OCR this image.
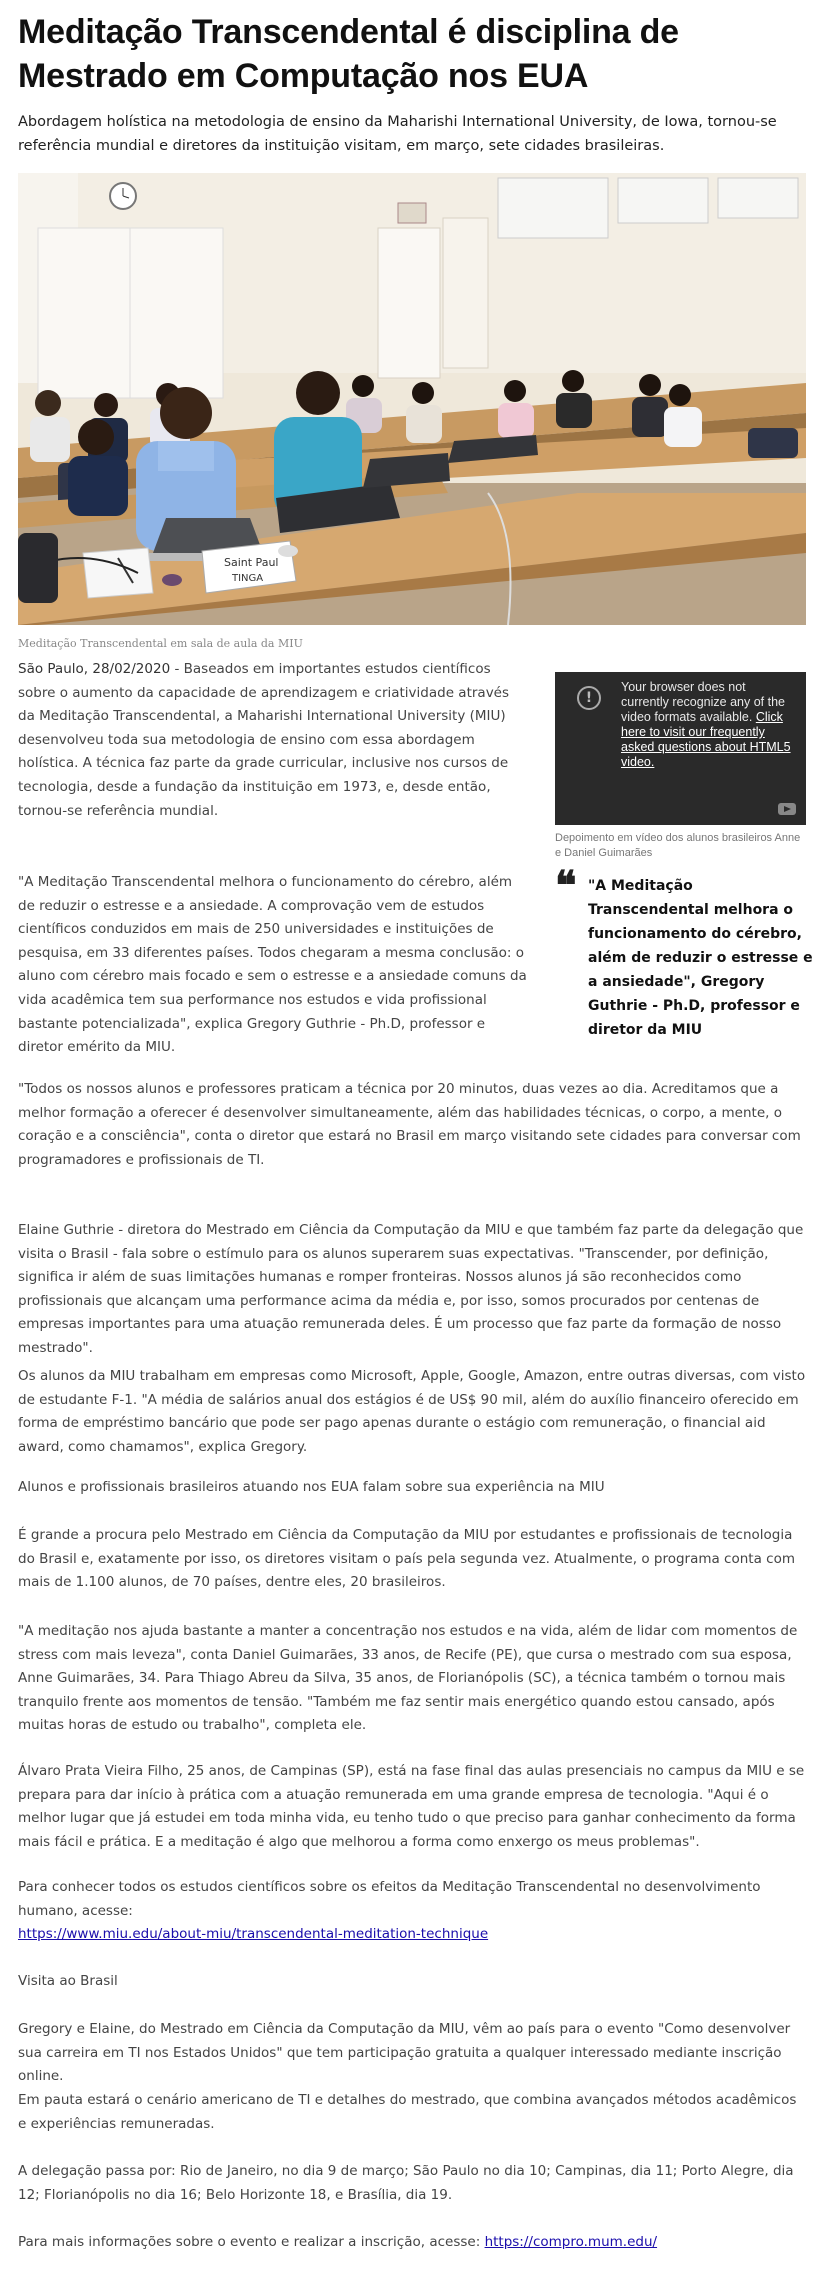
Meditação Transcendental é disciplina de Mestrado em Computação nos EUA

Abordagem holística na metodologia de ensino da Maharishi International University, de Iowa, tornou-se referência mundial e diretores da instituição visitam, em março, sete cidades brasileiras.

Saint Paul
TINGA
Meditação Transcendental em sala de aula da MIU

São Paulo, 28/02/2020 - Baseados em importantes estudos científicos sobre o aumento da capacidade de aprendizagem e criatividade através da Meditação Transcendental, a Maharishi International University (MIU) desenvolveu toda sua metodologia de ensino com essa abordagem holística. A técnica faz parte da grade curricular, inclusive nos cursos de tecnologia, desde a fundação da instituição em 1973, e, desde então, tornou-se referência mundial.

!
Your browser does not currently recognize any of the video formats available. Click here to visit our frequently asked questions about HTML5 video.
Depoimento em vídeo dos alunos brasileiros Anne e Daniel Guimarães

"A Meditação Transcendental melhora o funcionamento do cérebro, além de reduzir o estresse e a ansiedade. A comprovação vem de estudos científicos conduzidos em mais de 250 universidades e instituições de pesquisa, em 33 diferentes países. Todos chegaram a mesma conclusão: o aluno com cérebro mais focado e sem o estresse e a ansiedade comuns da vida acadêmica tem sua performance nos estudos e vida profissional bastante potencializada", explica Gregory Guthrie - Ph.D, professor e diretor emérito da MIU.

❝ "A Meditação Transcendental melhora o funcionamento do cérebro, além de reduzir o estresse e a ansiedade", Gregory Guthrie - Ph.D, professor e diretor da MIU

"Todos os nossos alunos e professores praticam a técnica por 20 minutos, duas vezes ao dia. Acreditamos que a melhor formação a oferecer é desenvolver simultaneamente, além das habilidades técnicas, o corpo, a mente, o coração e a consciência", conta o diretor que estará no Brasil em março visitando sete cidades para conversar com programadores e profissionais de TI.

Elaine Guthrie - diretora do Mestrado em Ciência da Computação da MIU e que também faz parte da delegação que visita o Brasil - fala sobre o estímulo para os alunos superarem suas expectativas. "Transcender, por definição, significa ir além de suas limitações humanas e romper fronteiras. Nossos alunos já são reconhecidos como profissionais que alcançam uma performance acima da média e, por isso, somos procurados por centenas de empresas importantes para uma atuação remunerada deles. É um processo que faz parte da formação de nosso mestrado".

Os alunos da MIU trabalham em empresas como Microsoft, Apple, Google, Amazon, entre outras diversas, com visto de estudante F-1. "A média de salários anual dos estágios é de US$ 90 mil, além do auxílio financeiro oferecido em forma de empréstimo bancário que pode ser pago apenas durante o estágio com remuneração, o financial aid award, como chamamos", explica Gregory.

Alunos e profissionais brasileiros atuando nos EUA falam sobre sua experiência na MIU

É grande a procura pelo Mestrado em Ciência da Computação da MIU por estudantes e profissionais de tecnologia do Brasil e, exatamente por isso, os diretores visitam o país pela segunda vez. Atualmente, o programa conta com mais de 1.100 alunos, de 70 países, dentre eles, 20 brasileiros.

"A meditação nos ajuda bastante a manter a concentração nos estudos e na vida, além de lidar com momentos de stress com mais leveza", conta Daniel Guimarães, 33 anos, de Recife (PE), que cursa o mestrado com sua esposa, Anne Guimarães, 34. Para Thiago Abreu da Silva, 35 anos, de Florianópolis (SC), a técnica também o tornou mais tranquilo frente aos momentos de tensão. "Também me faz sentir mais energético quando estou cansado, após muitas horas de estudo ou trabalho", completa ele.

Álvaro Prata Vieira Filho, 25 anos, de Campinas (SP), está na fase final das aulas presenciais no campus da MIU e se prepara para dar início à prática com a atuação remunerada em uma grande empresa de tecnologia. "Aqui é o melhor lugar que já estudei em toda minha vida, eu tenho tudo o que preciso para ganhar conhecimento da forma mais fácil e prática. E a meditação é algo que melhorou a forma como enxergo os meus problemas".

Para conhecer todos os estudos científicos sobre os efeitos da Meditação Transcendental no desenvolvimento humano, acesse:
https://www.miu.edu/about-miu/transcendental-meditation-technique

Visita ao Brasil

Gregory e Elaine, do Mestrado em Ciência da Computação da MIU, vêm ao país para o evento "Como desenvolver sua carreira em TI nos Estados Unidos" que tem participação gratuita a qualquer interessado mediante inscrição online.

Em pauta estará o cenário americano de TI e detalhes do mestrado, que combina avançados métodos acadêmicos e experiências remuneradas.

A delegação passa por: Rio de Janeiro, no dia 9 de março; São Paulo no dia 10; Campinas, dia 11; Porto Alegre, dia 12; Florianópolis no dia 16; Belo Horizonte 18, e Brasília, dia 19.

Para mais informações sobre o evento e realizar a inscrição, acesse: https://compro.mum.edu/
